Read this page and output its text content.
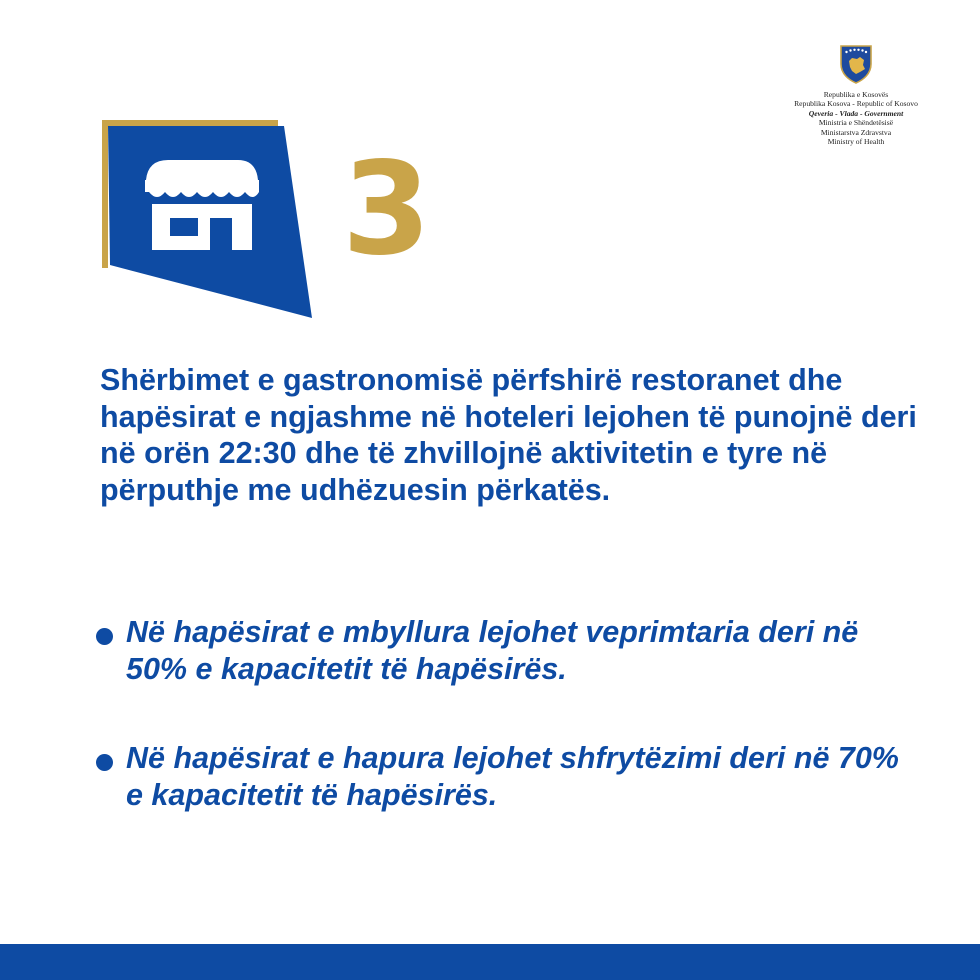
Republika e Kosovës
Republika Kosova - Republic of Kosovo
Qeveria - Vlada - Government
Ministria e Shëndetësisë
Ministarstva Zdravstva
Ministry of Health
3

Shërbimet e gastronomisë përfshirë restoranet dhe hapësirat e ngjashme në hoteleri lejohen të punojnë deri në orën 22:30 dhe të zhvillojnë aktivitetin e tyre në përputhje me udhëzuesin përkatës.

Në hapësirat e mbyllura lejohet veprimtaria deri në 50% e kapacitetit të hapësirës.
Në hapësirat e hapura lejohet shfrytëzimi deri në 70% e kapacitetit të hapësirës.
